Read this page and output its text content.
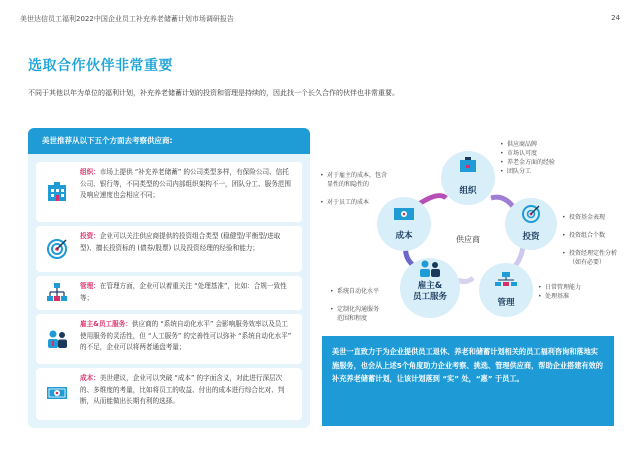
美世达信员工福利2022中国企业员工补充养老储蓄计划市场调研报告	24
选取合作伙伴非常重要
不同于其他以年为单位的福利计划，补充养老储蓄计划的投资和管理是持续的，因此找一个长久合作的伙伴也非常重要。
美世推荐从以下五个方面去考察供应商:
组织：市场上提供 “补充养老储蓄” 的公司类型多样，有保险公司、信托公司、银行等，不同类型的公司内部组织架构不一，团队分工、服务范围及响应速度也会相应不同；
投资：企业可以关注供应商提供的投资组合类型 (稳健型/平衡型/进取型)、擅长投资标的 (债券/股票) 以及投资经理的经验和能力；
管理：在管理方面，企业可以着重关注 “处理基准”，比如：合规一致性等；
雇主&员工服务：供应商的 “系统自动化水平” 会影响服务效率以及员工使用服务的灵活性，但 “人工服务” 的完善性可以弥补 “系统自动化水平” 的不足，企业可以将两者通盘考量；
成本：美世建议，企业可以突破 “成本” 的字面含义，对此进行深层次的、多维度的考量，比如将员工的收益、付出的成本进行综合比对、判断，从而能做出长期有利的选择。
组织
投资
管理
雇主&
员工服务
成本	供应商
• 供应商品牌
• 市场认可度
• 养老金方面的经验
• 团队分工

• 投资基金表现

• 投资组合个数

• 投资经理定性分析
（如有必要）

• 日常管理能力
• 处理基准

• 系统自动化水平

• 定制化沟通服务
范围和程度

• 对于雇主的成本，包含
显性的和隐性的

• 对于员工的成本

美世一直致力于为企业提供员工退休、养老和储蓄计划相关的员工福利咨询和落地实施服务，也会从上述5个角度助力企业考察、挑选、管理供应商，帮助企业搭建有效的补充养老储蓄计划，让该计划落到 “实” 处，“惠” 于员工。
